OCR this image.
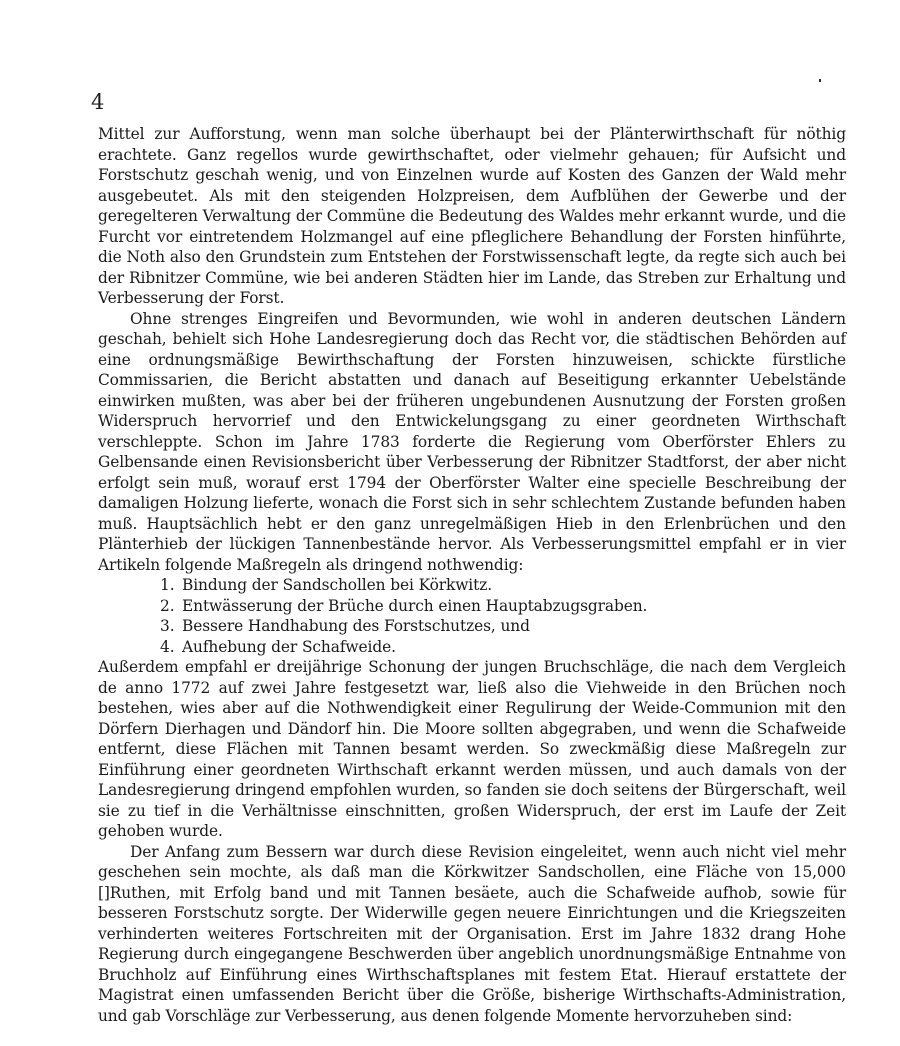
4

Mittel zur Aufforstung, wenn man solche überhaupt bei der Plänterwirthschaft für nöthig erachtete. Ganz regellos wurde gewirthschaftet, oder vielmehr gehauen; für Aufsicht und Forstschutz geschah wenig, und von Einzelnen wurde auf Kosten des Ganzen der Wald mehr ausgebeutet. Als mit den steigenden Holzpreisen, dem Aufblühen der Gewerbe und der geregelteren Verwaltung der Commüne die Bedeutung des Waldes mehr erkannt wurde, und die Furcht vor eintretendem Holzmangel auf eine pfleglichere Behandlung der Forsten hinführte, die Noth also den Grundstein zum Entstehen der Forstwissenschaft legte, da regte sich auch bei der Ribnitzer Commüne, wie bei anderen Städten hier im Lande, das Streben zur Erhaltung und Verbesserung der Forst.

Ohne strenges Eingreifen und Bevormunden, wie wohl in anderen deutschen Ländern geschah, behielt sich Hohe Landesregierung doch das Recht vor, die städtischen Behörden auf eine ordnungsmäßige Bewirthschaftung der Forsten hinzuweisen, schickte fürstliche Commissarien, die Bericht abstatten und danach auf Beseitigung erkannter Uebelstände einwirken mußten, was aber bei der früheren ungebundenen Ausnutzung der Forsten großen Widerspruch hervorrief und den Entwickelungsgang zu einer geordneten Wirthschaft verschleppte. Schon im Jahre 1783 forderte die Regierung vom Oberförster Ehlers zu Gelbensande einen Revisionsbericht über Verbesserung der Ribnitzer Stadtforst, der aber nicht erfolgt sein muß, worauf erst 1794 der Oberförster Walter eine specielle Beschreibung der damaligen Holzung lieferte, wonach die Forst sich in sehr schlechtem Zustande befunden haben muß. Hauptsächlich hebt er den ganz unregelmäßigen Hieb in den Erlenbrüchen und den Plänterhieb der lückigen Tannenbestände hervor. Als Verbesserungsmittel empfahl er in vier Artikeln folgende Maßregeln als dringend nothwendig:

1. Bindung der Sandschollen bei Körkwitz.
2. Entwässerung der Brüche durch einen Hauptabzugsgraben.
3. Bessere Handhabung des Forstschutzes, und
4. Aufhebung der Schafweide.

Außerdem empfahl er dreijährige Schonung der jungen Bruchschläge, die nach dem Vergleich de anno 1772 auf zwei Jahre festgesetzt war, ließ also die Viehweide in den Brüchen noch bestehen, wies aber auf die Nothwendigkeit einer Regulirung der Weide-Communion mit den Dörfern Dierhagen und Dändorf hin. Die Moore sollten abgegraben, und wenn die Schafweide entfernt, diese Flächen mit Tannen besamt werden. So zweckmäßig diese Maßregeln zur Einführung einer geordneten Wirthschaft erkannt werden müssen, und auch damals von der Landesregierung dringend empfohlen wurden, so fanden sie doch seitens der Bürgerschaft, weil sie zu tief in die Verhältnisse einschnitten, großen Widerspruch, der erst im Laufe der Zeit gehoben wurde.

Der Anfang zum Bessern war durch diese Revision eingeleitet, wenn auch nicht viel mehr geschehen sein mochte, als daß man die Körkwitzer Sandschollen, eine Fläche von 15,000 []Ruthen, mit Erfolg band und mit Tannen besäete, auch die Schafweide aufhob, sowie für besseren Forstschutz sorgte. Der Widerwille gegen neuere Einrichtungen und die Kriegszeiten verhinderten weiteres Fortschreiten mit der Organisation. Erst im Jahre 1832 drang Hohe Regierung durch eingegangene Beschwerden über angeblich unordnungsmäßige Entnahme von Bruchholz auf Einführung eines Wirthschaftsplanes mit festem Etat. Hierauf erstattete der Magistrat einen umfassenden Bericht über die Größe, bisherige Wirthschafts-Administration, und gab Vorschläge zur Verbesserung, aus denen folgende Momente hervorzuheben sind:
